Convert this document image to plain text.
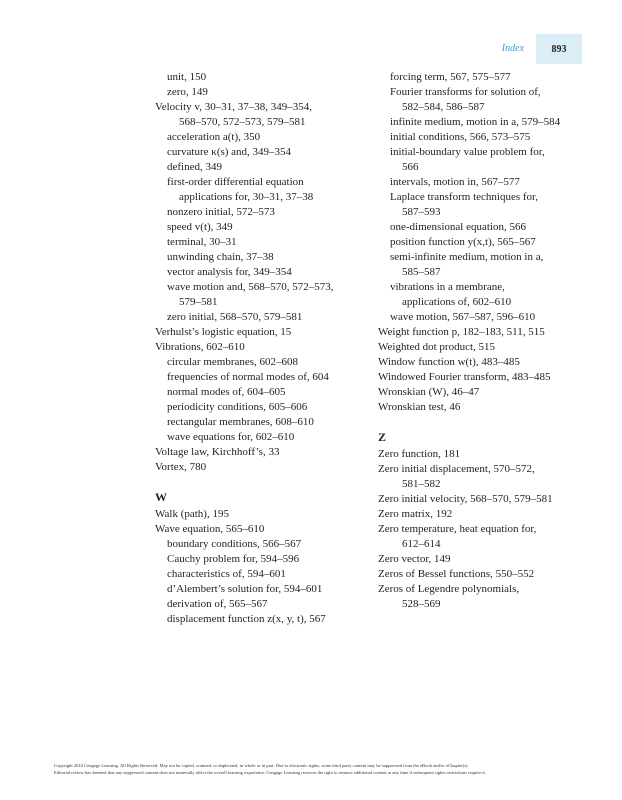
Index	893
unit, 150
zero, 149
Velocity v, 30–31, 37–38, 349–354,
568–570, 572–573, 579–581
acceleration a(t), 350
curvature κ(s) and, 349–354
defined, 349
first-order differential equation
applications for, 30–31, 37–38
nonzero initial, 572–573
speed v(t), 349
terminal, 30–31
unwinding chain, 37–38
vector analysis for, 349–354
wave motion and, 568–570, 572–573,
579–581
zero initial, 568–570, 579–581
Verhulst’s logistic equation, 15
Vibrations, 602–610
circular membranes, 602–608
frequencies of normal modes of, 604
normal modes of, 604–605
periodicity conditions, 605–606
rectangular membranes, 608–610
wave equations for, 602–610
Voltage law, Kirchhoff’s, 33
Vortex, 780
W
Walk (path), 195
Wave equation, 565–610
boundary conditions, 566–567
Cauchy problem for, 594–596
characteristics of, 594–601
d’Alembert’s solution for, 594–601
derivation of, 565–567
displacement function z(x, y, t), 567
forcing term, 567, 575–577
Fourier transforms for solution of,
582–584, 586–587
infinite medium, motion in a, 579–584
initial conditions, 566, 573–575
initial-boundary value problem for,
566
intervals, motion in, 567–577
Laplace transform techniques for,
587–593
one-dimensional equation, 566
position function y(x,t), 565–567
semi-infinite medium, motion in a,
585–587
vibrations in a membrane,
applications of, 602–610
wave motion, 567–587, 596–610
Weight function p, 182–183, 511, 515
Weighted dot product, 515
Window function w(t), 483–485
Windowed Fourier transform, 483–485
Wronskian (W), 46–47
Wronskian test, 46
Z
Zero function, 181
Zero initial displacement, 570–572,
581–582
Zero initial velocity, 568–570, 579–581
Zero matrix, 192
Zero temperature, heat equation for,
612–614
Zero vector, 149
Zeros of Bessel functions, 550–552
Zeros of Legendre polynomials,
528–569
Copyright 2010 Cengage Learning. All Rights Reserved. May not be copied, scanned, or duplicated, in whole or in part. Due to electronic rights, some third party content may be suppressed from the eBook and/or eChapter(s).
Editorial review has deemed that any suppressed content does not materially affect the overall learning experience. Cengage Learning reserves the right to remove additional content at any time if subsequent rights restrictions require it.
